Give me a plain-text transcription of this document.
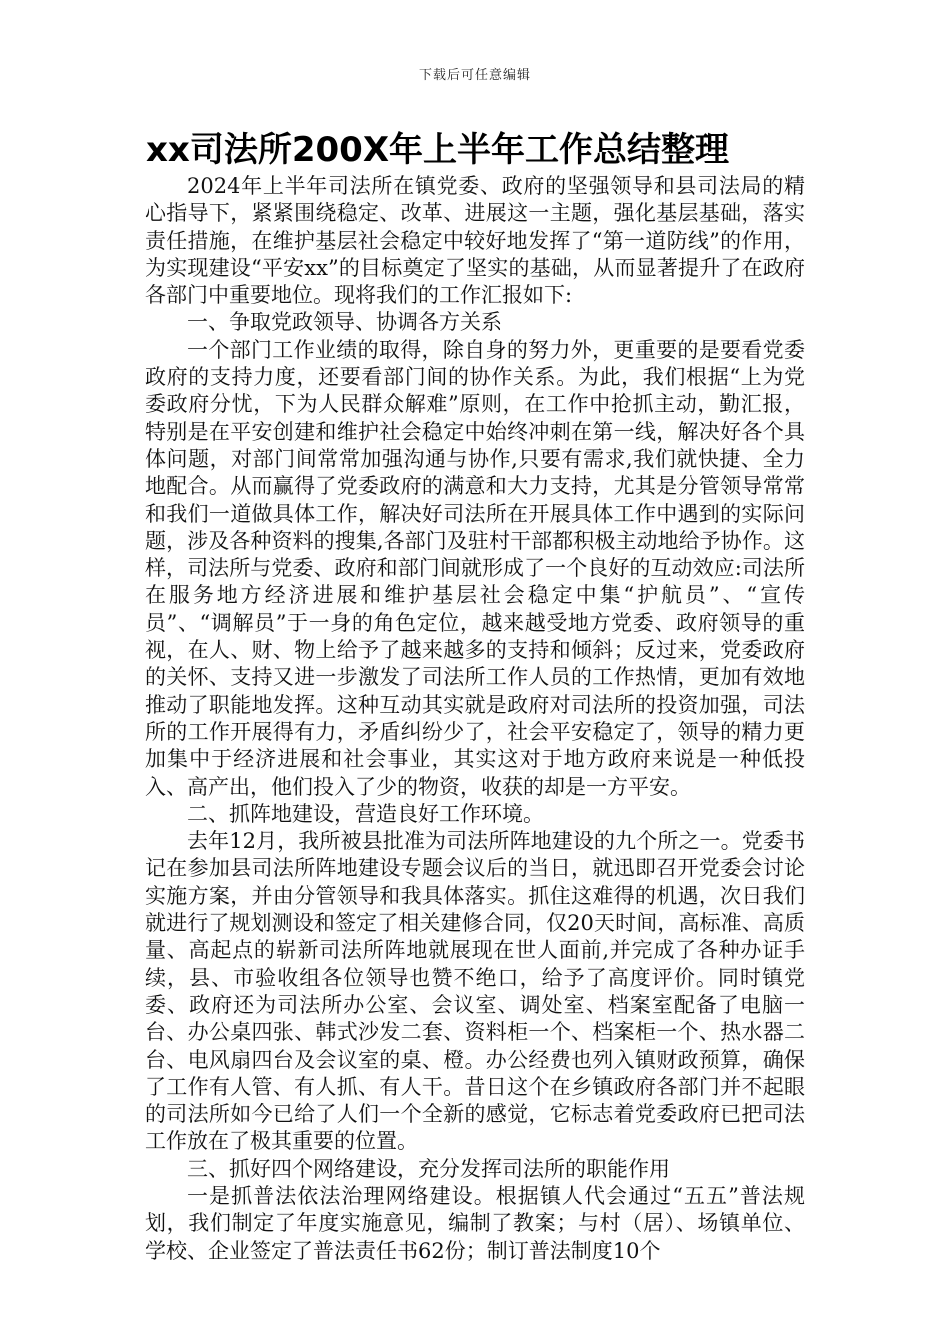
下载后可任意编辑
xx司法所200X年上半年工作总结整理

2024年上半年司法所在镇党委、政府的坚强领导和县司法局的精心指导下，紧紧围绕稳定、改革、进展这一主题，强化基层基础，落实责任措施，在维护基层社会稳定中较好地发挥了“第一道防线”的作用，为实现建设“平安xx”的目标奠定了坚实的基础，从而显著提升了在政府各部门中重要地位。现将我们的工作汇报如下:

一、争取党政领导、协调各方关系

一个部门工作业绩的取得，除自身的努力外，更重要的是要看党委政府的支持力度，还要看部门间的协作关系。为此，我们根据“上为党委政府分忧，下为人民群众解难”原则，在工作中抢抓主动，勤汇报，特别是在平安创建和维护社会稳定中始终冲刺在第一线，解决好各个具体问题，对部门间常常加强沟通与协作,只要有需求,我们就快捷、全力地配合。从而赢得了党委政府的满意和大力支持，尤其是分管领导常常和我们一道做具体工作，解决好司法所在开展具体工作中遇到的实际问题，涉及各种资料的搜集,各部门及驻村干部都积极主动地给予协作。这样，司法所与党委、政府和部门间就形成了一个良好的互动效应:司法所在服务地方经济进展和维护基层社会稳定中集“护航员”、“宣传员”、“调解员”于一身的角色定位，越来越受地方党委、政府领导的重视，在人、财、物上给予了越来越多的支持和倾斜；反过来，党委政府的关怀、支持又进一步激发了司法所工作人员的工作热情，更加有效地推动了职能地发挥。这种互动其实就是政府对司法所的投资加强，司法所的工作开展得有力，矛盾纠纷少了，社会平安稳定了，领导的精力更加集中于经济进展和社会事业，其实这对于地方政府来说是一种低投入、高产出，他们投入了少的物资，收获的却是一方平安。

二、抓阵地建设，营造良好工作环境。

去年12月，我所被县批准为司法所阵地建设的九个所之一。党委书记在参加县司法所阵地建设专题会议后的当日，就迅即召开党委会讨论实施方案，并由分管领导和我具体落实。抓住这难得的机遇，次日我们就进行了规划测设和签定了相关建修合同，仅20天时间，高标准、高质量、高起点的崭新司法所阵地就展现在世人面前,并完成了各种办证手续，县、市验收组各位领导也赞不绝口，给予了高度评价。同时镇党委、政府还为司法所办公室、会议室、调处室、档案室配备了电脑一台、办公桌四张、韩式沙发二套、资料柜一个、档案柜一个、热水器二台、电风扇四台及会议室的桌、橙。办公经费也列入镇财政预算，确保了工作有人管、有人抓、有人干。昔日这个在乡镇政府各部门并不起眼的司法所如今已给了人们一个全新的感觉，它标志着党委政府已把司法工作放在了极其重要的位置。

三、抓好四个网络建设，充分发挥司法所的职能作用

一是抓普法依法治理网络建设。根据镇人代会通过“五五”普法规划，我们制定了年度实施意见，编制了教案；与村（居）、场镇单位、学校、企业签定了普法责任书62份；制订普法制度10个
